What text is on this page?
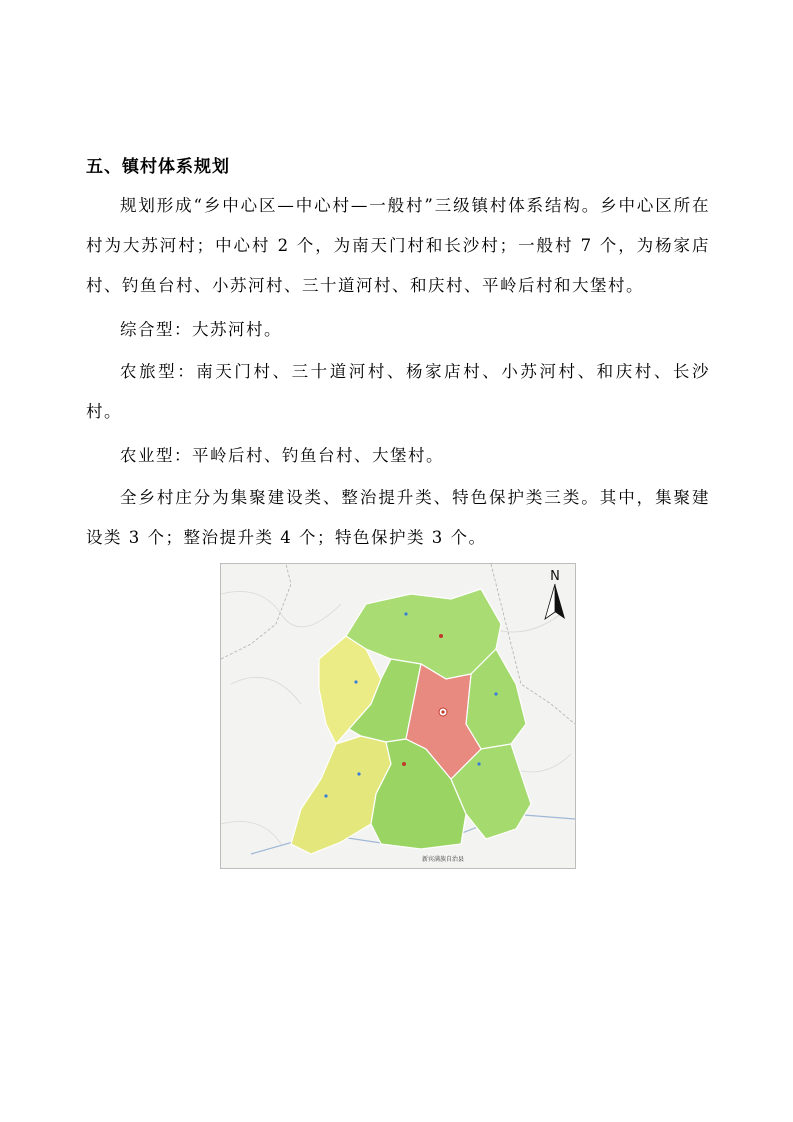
五、镇村体系规划

规划形成“乡中心区—中心村—一般村”三级镇村体系结构。乡中心区所在村为大苏河村；中心村 2 个，为南天门村和长沙村；一般村 7 个，为杨家店村、钓鱼台村、小苏河村、三十道河村、和庆村、平岭后村和大堡村。

综合型：大苏河村。

农旅型：南天门村、三十道河村、杨家店村、小苏河村、和庆村、长沙村。

农业型：平岭后村、钓鱼台村、大堡村。

全乡村庄分为集聚建设类、整治提升类、特色保护类三类。其中，集聚建设类 3 个；整治提升类 4 个；特色保护类 3 个。

N
新宾满族自治县
